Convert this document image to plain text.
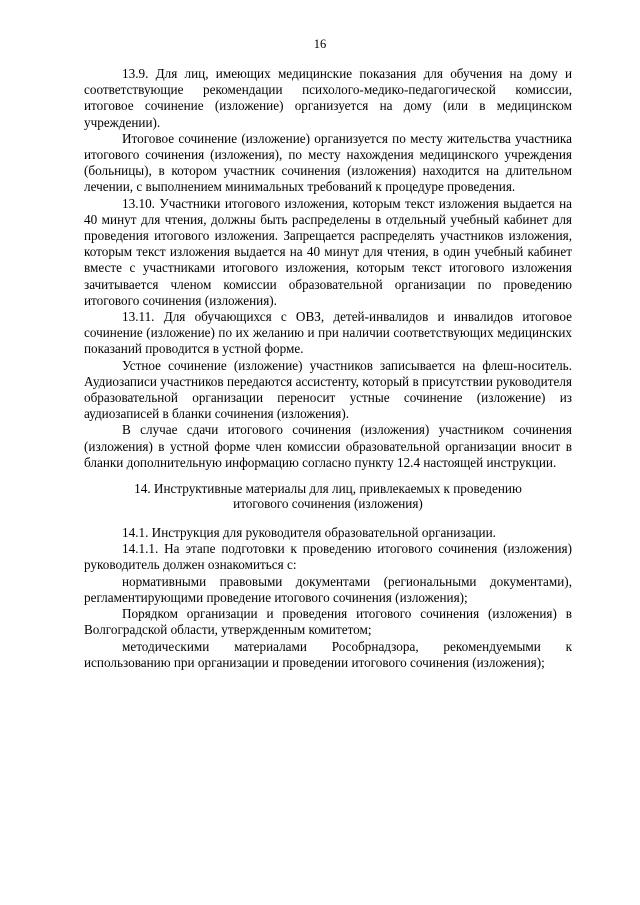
16

13.9. Для лиц, имеющих медицинские показания для обучения на дому и соответствующие рекомендации психолого-медико-педагогической комиссии, итоговое сочинение (изложение) организуется на дому (или в медицинском учреждении).

Итоговое сочинение (изложение) организуется по месту жительства участника итогового сочинения (изложения), по месту нахождения медицинского учреждения (больницы), в котором участник сочинения (изложения) находится на длительном лечении, с выполнением минимальных требований к процедуре проведения.

13.10. Участники итогового изложения, которым текст изложения выдается на 40 минут для чтения, должны быть распределены в отдельный учебный кабинет для проведения итогового изложения. Запрещается распределять участников изложения, которым текст изложения выдается на 40 минут для чтения, в один учебный кабинет вместе с участниками итогового изложения, которым текст итогового изложения зачитывается членом комиссии образовательной организации по проведению итогового сочинения (изложения).

13.11. Для обучающихся с ОВЗ, детей-инвалидов и инвалидов итоговое сочинение (изложение) по их желанию и при наличии соответствующих медицинских показаний проводится в устной форме.

Устное сочинение (изложение) участников записывается на флеш-носитель. Аудиозаписи участников передаются ассистенту, который в присутствии руководителя образовательной организации переносит устные сочинение (изложение) из аудиозаписей в бланки сочинения (изложения).

В случае сдачи итогового сочинения (изложения) участником сочинения (изложения) в устной форме член комиссии образовательной организации вносит в бланки дополнительную информацию согласно пункту 12.4 настоящей инструкции.

14. Инструктивные материалы для лиц, привлекаемых к проведению
итогового сочинения (изложения)

14.1. Инструкция для руководителя образовательной организации.

14.1.1. На этапе подготовки к проведению итогового сочинения (изложения) руководитель должен ознакомиться с:

нормативными правовыми документами (региональными документами), регламентирующими проведение итогового сочинения (изложения);

Порядком организации и проведения итогового сочинения (изложения) в Волгоградской области, утвержденным комитетом;

методическими материалами Рособрнадзора, рекомендуемыми к использованию при организации и проведении итогового сочинения (изложения);
